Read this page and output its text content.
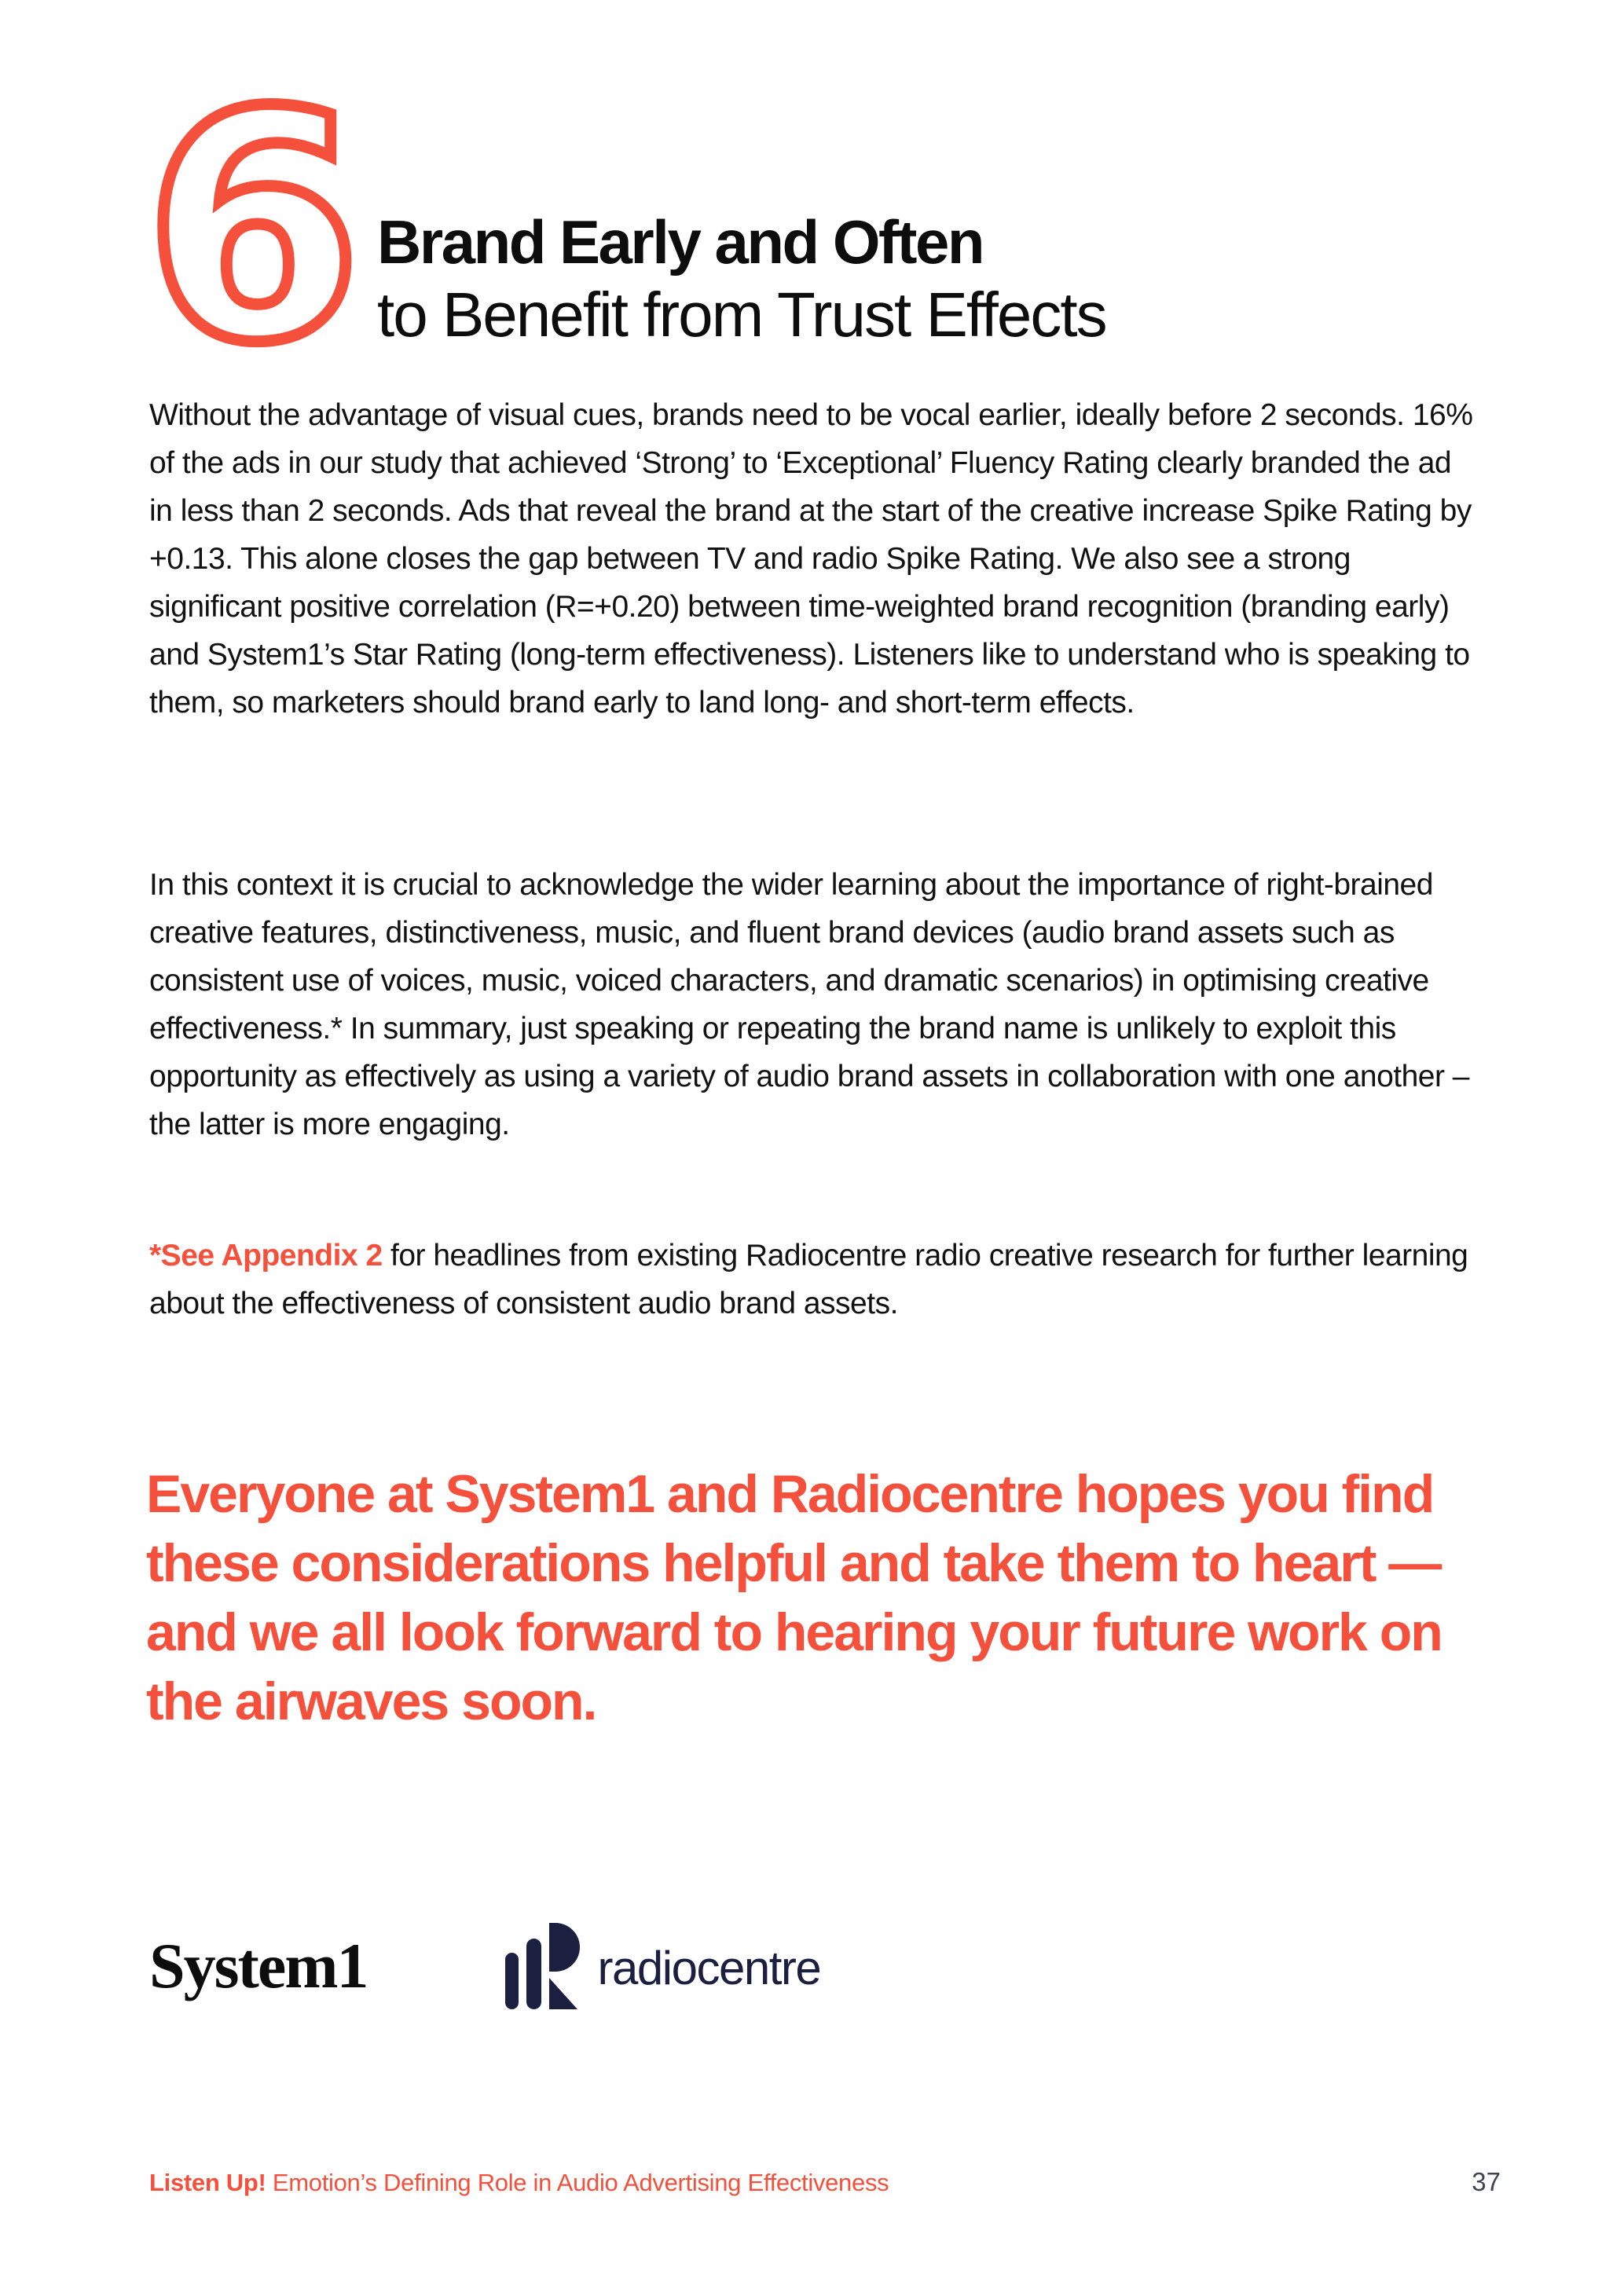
6 Brand Early and Often
to Benefit from Trust Effects

Without the advantage of visual cues, brands need to be vocal earlier, ideally before 2 seconds. 16% of the ads in our study that achieved ‘Strong’ to ‘Exceptional’ Fluency Rating clearly branded the ad in less than 2 seconds. Ads that reveal the brand at the start of the creative increase Spike Rating by +0.13. This alone closes the gap between TV and radio Spike Rating. We also see a strong significant positive correlation (R=+0.20) between time-weighted brand recognition (branding early) and System1’s Star Rating (long-term effectiveness). Listeners like to understand who is speaking to them, so marketers should brand early to land long- and short-term effects.

In this context it is crucial to acknowledge the wider learning about the importance of right-brained creative features, distinctiveness, music, and fluent brand devices (audio brand assets such as consistent use of voices, music, voiced characters, and dramatic scenarios) in optimising creative effectiveness.* In summary, just speaking or repeating the brand name is unlikely to exploit this opportunity as effectively as using a variety of audio brand assets in collaboration with one another – the latter is more engaging.

*See Appendix 2 for headlines from existing Radiocentre radio creative research for further learning about the effectiveness of consistent audio brand assets.

Everyone at System1 and Radiocentre hopes you find these considerations helpful and take them to heart — and we all look forward to hearing your future work on the airwaves soon.

System1	radiocentre
Listen Up! Emotion’s Defining Role in Audio Advertising Effectiveness	37
